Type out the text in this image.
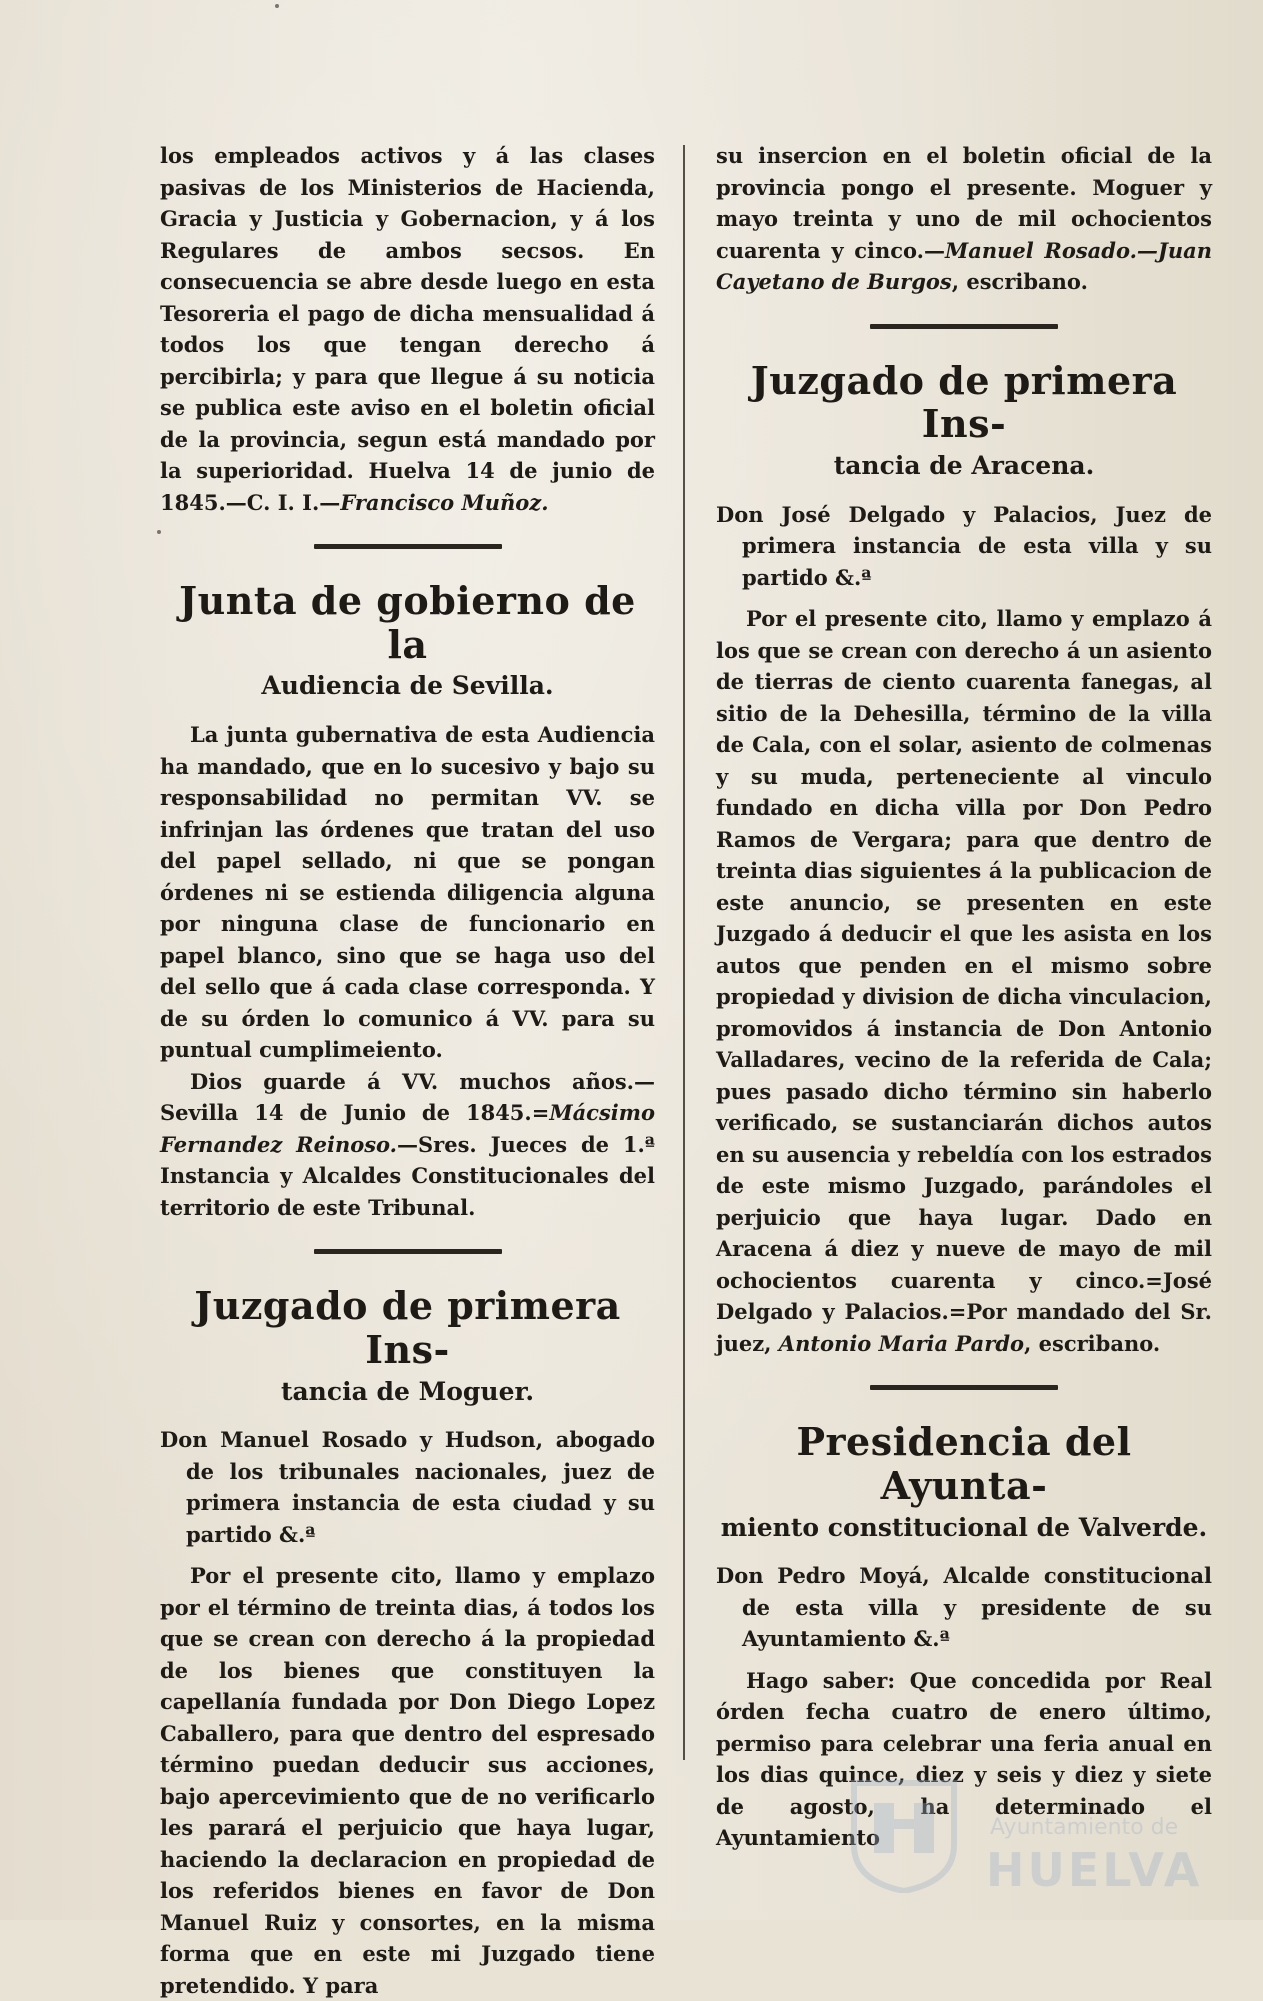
los empleados activos y á las clases pasivas de los Ministerios de Hacienda, Gracia y Justicia y Gobernacion, y á los Regulares de ambos secsos. En consecuencia se abre desde luego en esta Tesoreria el pago de dicha mensualidad á todos los que tengan derecho á percibirla; y para que llegue á su noticia se publica este aviso en el boletin oficial de la provincia, segun está mandado por la superioridad. Huelva 14 de junio de 1845.—C. I. I.—Francisco Muñoz.

Junta de gobierno de la
Audiencia de Sevilla.

La junta gubernativa de esta Audiencia ha mandado, que en lo sucesivo y bajo su responsabilidad no permitan VV. se infrinjan las órdenes que tratan del uso del papel sellado, ni que se pongan órdenes ni se estienda diligencia alguna por ninguna clase de funcionario en papel blanco, sino que se haga uso del del sello que á cada clase corresponda. Y de su órden lo comunico á VV. para su puntual cumplimeiento.

Dios guarde á VV. muchos años.—Sevilla 14 de Junio de 1845.=Mácsimo Fernandez Reinoso.—Sres. Jueces de 1.ª Instancia y Alcaldes Constitucionales del territorio de este Tribunal.

Juzgado de primera Ins-
tancia de Moguer.

Don Manuel Rosado y Hudson, abogado de los tribunales nacionales, juez de primera instancia de esta ciudad y su partido &.ª

Por el presente cito, llamo y emplazo por el término de treinta dias, á todos los que se crean con derecho á la propiedad de los bienes que constituyen la capellanía fundada por Don Diego Lopez Caballero, para que dentro del espresado término puedan deducir sus acciones, bajo apercevimiento que de no verificarlo les parará el perjuicio que haya lugar, haciendo la declaracion en propiedad de los referidos bienes en favor de Don Manuel Ruiz y consortes, en la misma forma que en este mi Juzgado tiene pretendido. Y para

su insercion en el boletin oficial de la provincia pongo el presente. Moguer y mayo treinta y uno de mil ochocientos cuarenta y cinco.—Manuel Rosado.—Juan Cayetano de Burgos, escribano.

Juzgado de primera Ins-
tancia de Aracena.

Don José Delgado y Palacios, Juez de primera instancia de esta villa y su partido &.ª

Por el presente cito, llamo y emplazo á los que se crean con derecho á un asiento de tierras de ciento cuarenta fanegas, al sitio de la Dehesilla, término de la villa de Cala, con el solar, asiento de colmenas y su muda, perteneciente al vinculo fundado en dicha villa por Don Pedro Ramos de Vergara; para que dentro de treinta dias siguientes á la publicacion de este anuncio, se presenten en este Juzgado á deducir el que les asista en los autos que penden en el mismo sobre propiedad y division de dicha vinculacion, promovidos á instancia de Don Antonio Valladares, vecino de la referida de Cala; pues pasado dicho término sin haberlo verificado, se sustanciarán dichos autos en su ausencia y rebeldía con los estrados de este mismo Juzgado, parándoles el perjuicio que haya lugar. Dado en Aracena á diez y nueve de mayo de mil ochocientos cuarenta y cinco.=José Delgado y Palacios.=Por mandado del Sr. juez, Antonio Maria Pardo, escribano.

Presidencia del Ayunta-
miento constitucional de Valverde.

Don Pedro Moyá, Alcalde constitucional de esta villa y presidente de su Ayuntamiento &.ª

Hago saber: Que concedida por Real órden fecha cuatro de enero último, permiso para celebrar una feria anual en los dias quince, diez y seis y diez y siete de agosto, ha determinado el Ayuntamiento	Ayuntamiento de
HUELVA
